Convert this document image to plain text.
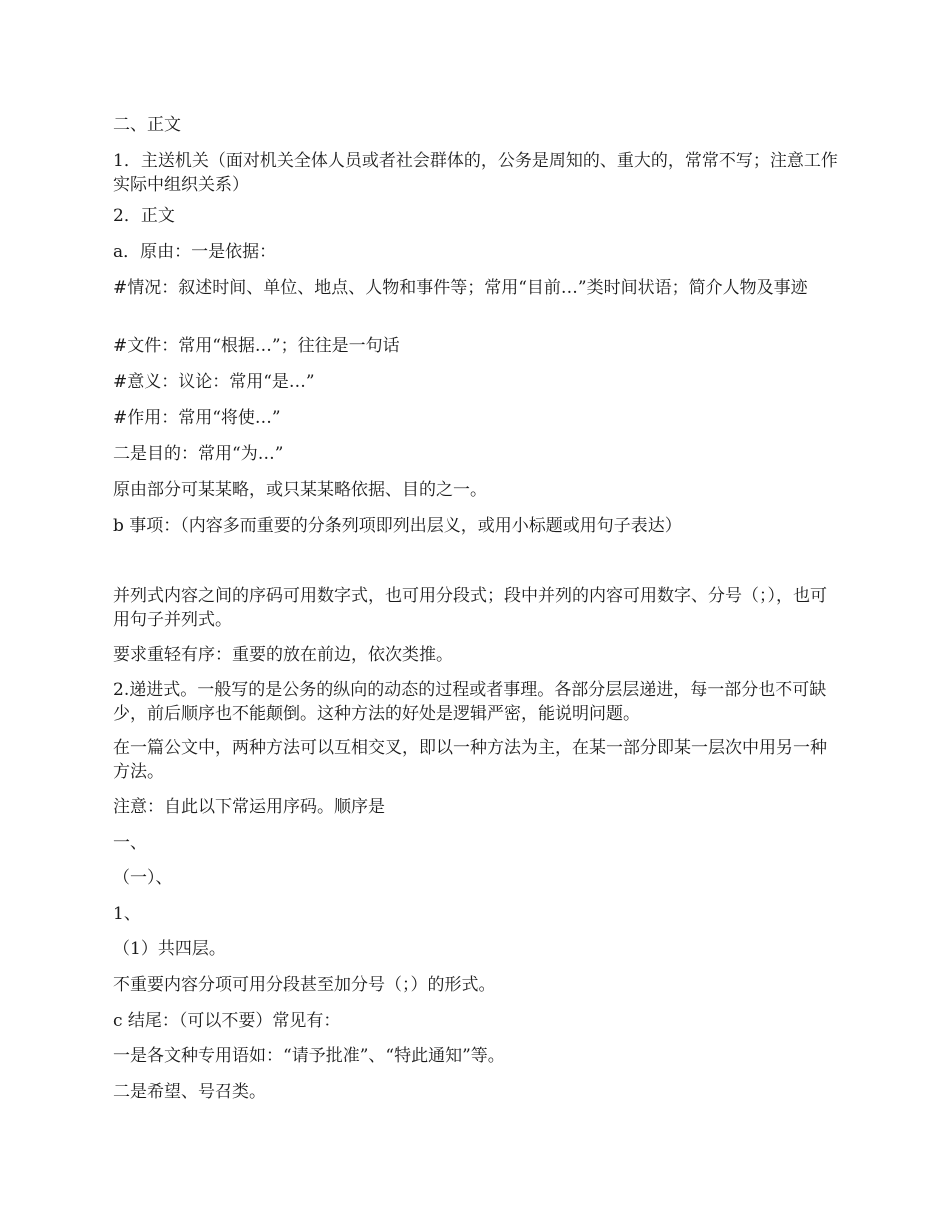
二、正文

1．主送机关（面对机关全体人员或者社会群体的，公务是周知的、重大的，常常不写；注意工作实际中组织关系）

2．正文

a．原由：一是依据：

#情况：叙述时间、单位、地点、人物和事件等；常用“目前…”类时间状语；简介人物及事迹

#文件：常用“根据…”；往往是一句话

#意义：议论：常用“是…”

#作用：常用“将使…”

二是目的：常用“为…”

原由部分可某某略，或只某某略依据、目的之一。

b 事项：（内容多而重要的分条列项即列出层义，或用小标题或用句子表达）

并列式内容之间的序码可用数字式，也可用分段式；段中并列的内容可用数字、分号（；），也可用句子并列式。

要求重轻有序：重要的放在前边，依次类推。

2.递进式。一般写的是公务的纵向的动态的过程或者事理。各部分层层递进，每一部分也不可缺少，前后顺序也不能颠倒。这种方法的好处是逻辑严密，能说明问题。

在一篇公文中，两种方法可以互相交叉，即以一种方法为主，在某一部分即某一层次中用另一种方法。

注意：自此以下常运用序码。顺序是

一、

（一）、

1、

（1）共四层。

不重要内容分项可用分段甚至加分号（；）的形式。

c 结尾：（可以不要）常见有：

一是各文种专用语如：“请予批准”、“特此通知”等。

二是希望、号召类。
